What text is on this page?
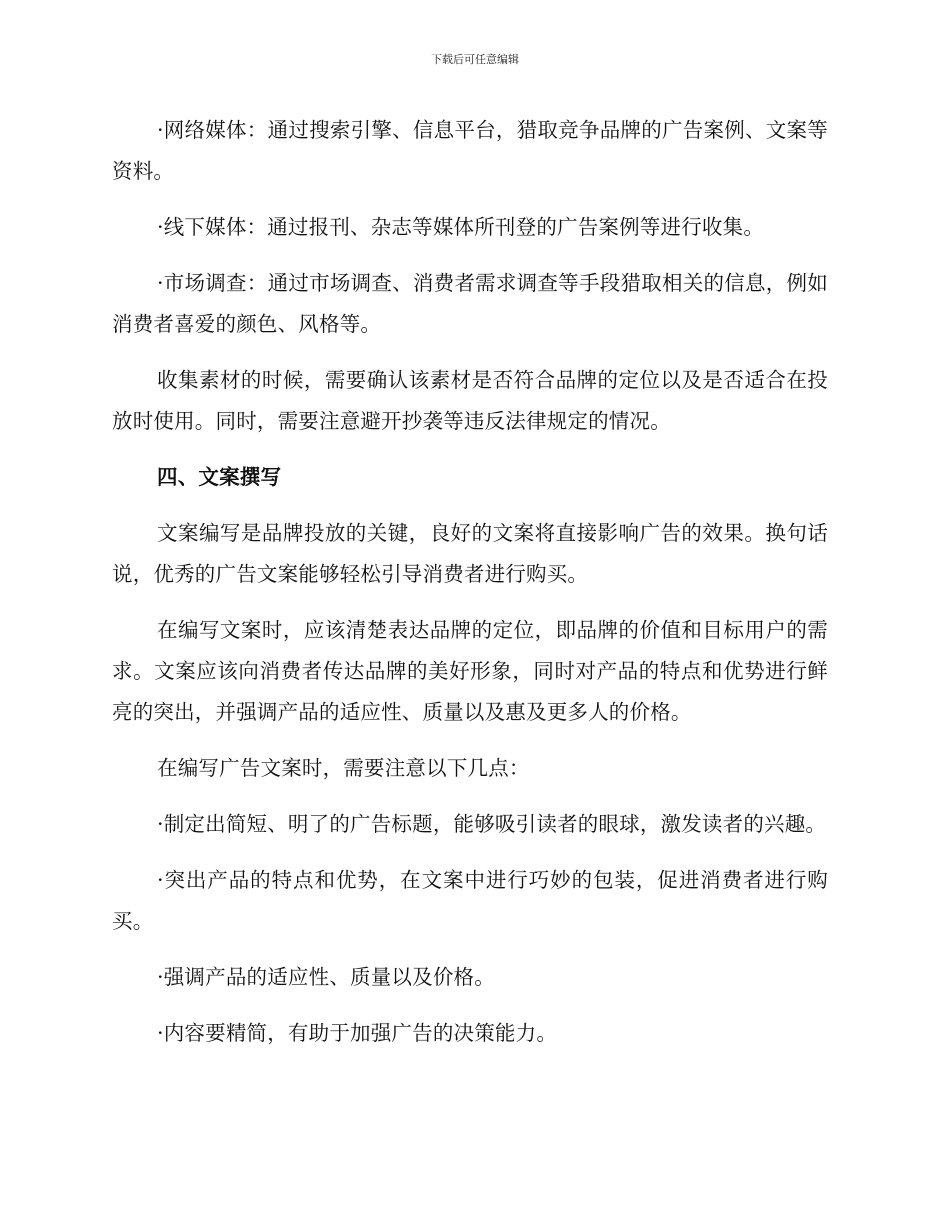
下载后可任意编辑

·网络媒体：通过搜索引擎、信息平台，猎取竞争品牌的广告案例、文案等资料。

·线下媒体：通过报刊、杂志等媒体所刊登的广告案例等进行收集。

·市场调查：通过市场调查、消费者需求调查等手段猎取相关的信息，例如消费者喜爱的颜色、风格等。

收集素材的时候，需要确认该素材是否符合品牌的定位以及是否适合在投放时使用。同时，需要注意避开抄袭等违反法律规定的情况。

四、文案撰写

文案编写是品牌投放的关键，良好的文案将直接影响广告的效果。换句话说，优秀的广告文案能够轻松引导消费者进行购买。

在编写文案时，应该清楚表达品牌的定位，即品牌的价值和目标用户的需求。文案应该向消费者传达品牌的美好形象，同时对产品的特点和优势进行鲜亮的突出，并强调产品的适应性、质量以及惠及更多人的价格。

在编写广告文案时，需要注意以下几点：

·制定出简短、明了的广告标题，能够吸引读者的眼球，激发读者的兴趣。

·突出产品的特点和优势，在文案中进行巧妙的包装，促进消费者进行购买。

·强调产品的适应性、质量以及价格。

·内容要精简，有助于加强广告的决策能力。
